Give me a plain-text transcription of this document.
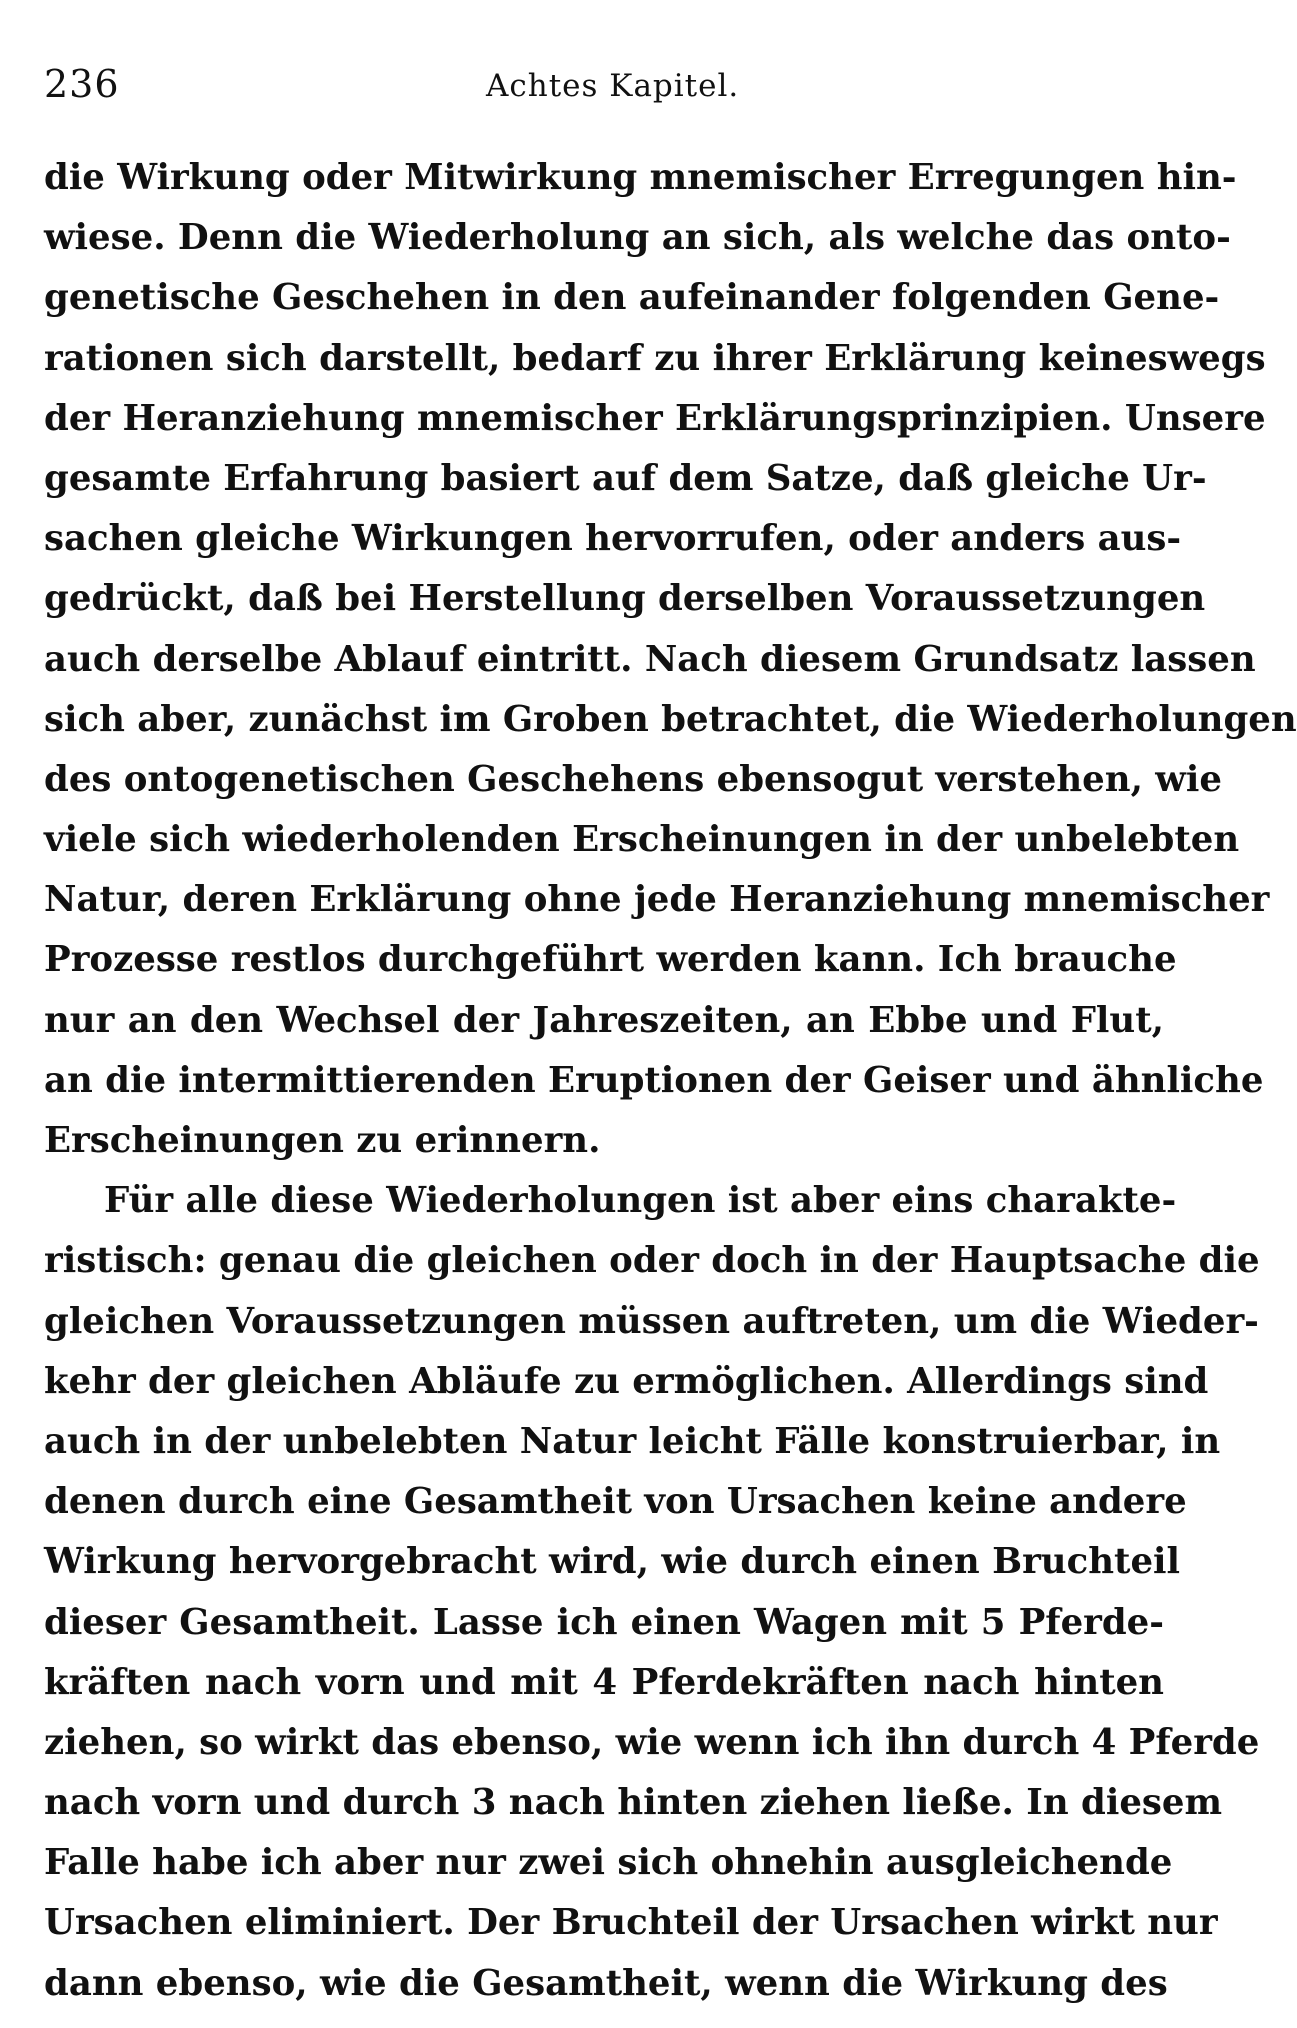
236	Achtes Kapitel.
die Wirkung oder Mitwirkung mnemischer Erregungen hin-
wiese. Denn die Wiederholung an sich, als welche das onto-
genetische Geschehen in den aufeinander folgenden Gene-
rationen sich darstellt, bedarf zu ihrer Erklärung keineswegs
der Heranziehung mnemischer Erklärungsprinzipien. Unsere
gesamte Erfahrung basiert auf dem Satze, daß gleiche Ur-
sachen gleiche Wirkungen hervorrufen, oder anders aus-
gedrückt, daß bei Herstellung derselben Voraussetzungen
auch derselbe Ablauf eintritt. Nach diesem Grundsatz lassen
sich aber, zunächst im Groben betrachtet, die Wiederholungen
des ontogenetischen Geschehens ebensogut verstehen, wie
viele sich wiederholenden Erscheinungen in der unbelebten
Natur, deren Erklärung ohne jede Heranziehung mnemischer
Prozesse restlos durchgeführt werden kann. Ich brauche
nur an den Wechsel der Jahreszeiten, an Ebbe und Flut,
an die intermittierenden Eruptionen der Geiser und ähnliche
Erscheinungen zu erinnern.
Für alle diese Wiederholungen ist aber eins charakte-
ristisch: genau die gleichen oder doch in der Hauptsache die
gleichen Voraussetzungen müssen auftreten, um die Wieder-
kehr der gleichen Abläufe zu ermöglichen. Allerdings sind
auch in der unbelebten Natur leicht Fälle konstruierbar, in
denen durch eine Gesamtheit von Ursachen keine andere
Wirkung hervorgebracht wird, wie durch einen Bruchteil
dieser Gesamtheit. Lasse ich einen Wagen mit 5 Pferde-
kräften nach vorn und mit 4 Pferdekräften nach hinten
ziehen, so wirkt das ebenso, wie wenn ich ihn durch 4 Pferde
nach vorn und durch 3 nach hinten ziehen ließe. In diesem
Falle habe ich aber nur zwei sich ohnehin ausgleichende
Ursachen eliminiert. Der Bruchteil der Ursachen wirkt nur
dann ebenso, wie die Gesamtheit, wenn die Wirkung des
